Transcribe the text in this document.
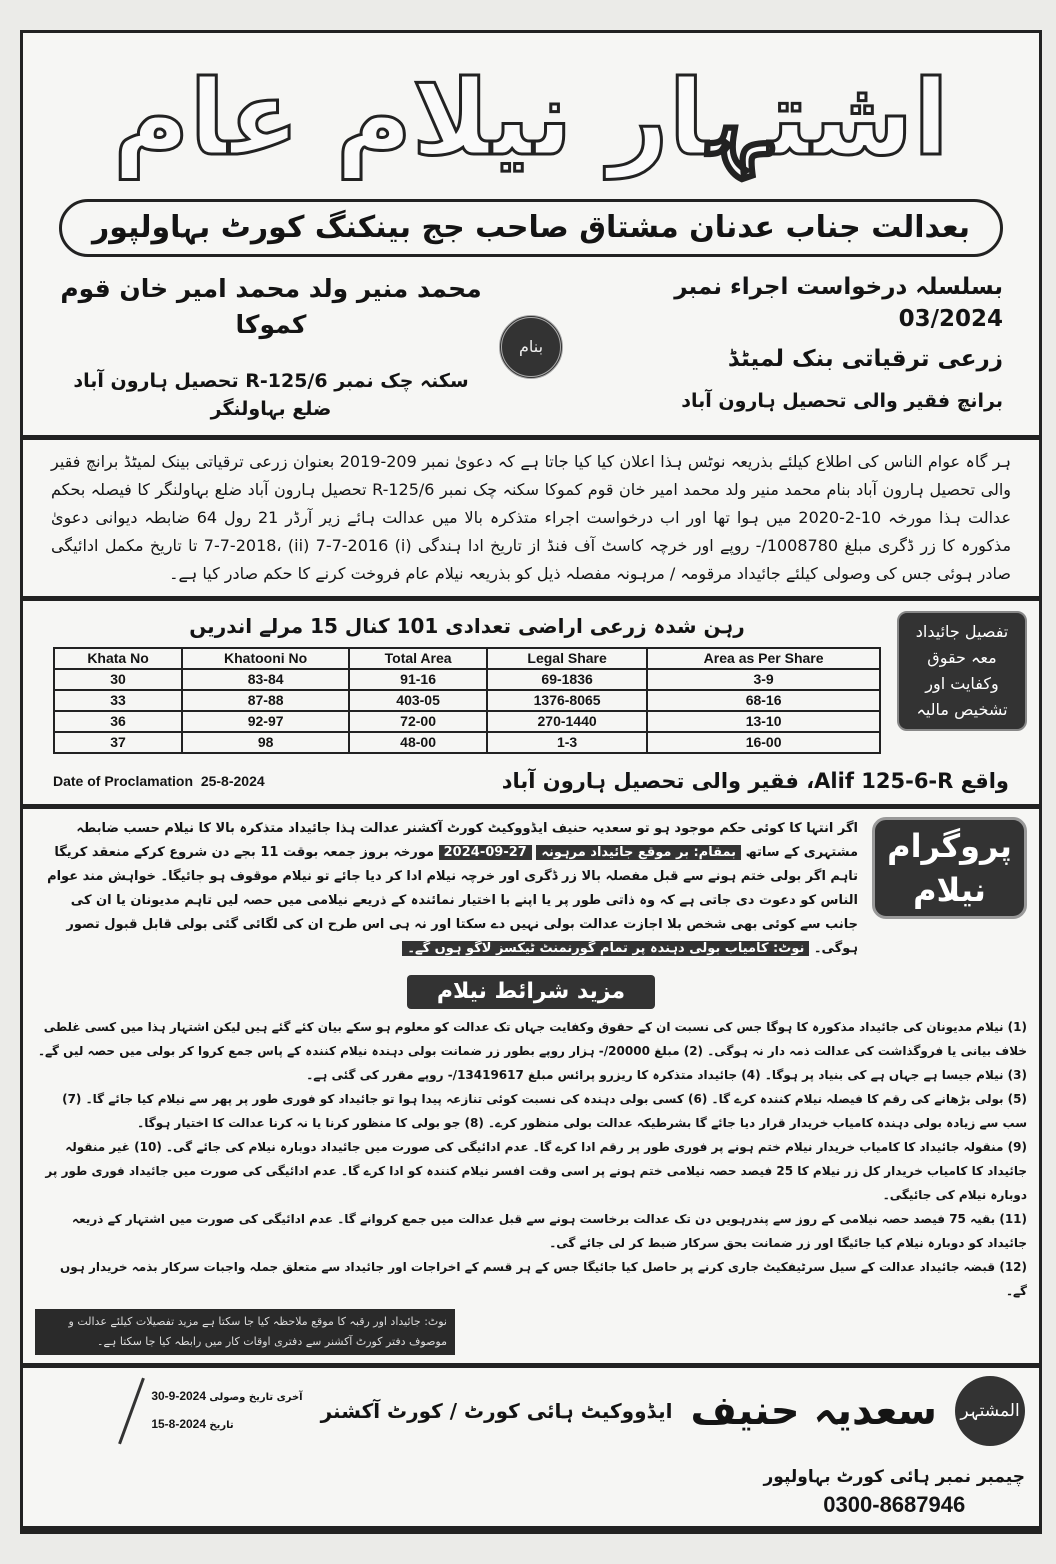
اشتہار نیلام عام
بعدالت جناب عدنان مشتاق صاحب جج بینکنگ کورٹ بہاولپور
بسلسلہ درخواست اجراء نمبر 03/2024
زرعی ترقیاتی بنک لمیٹڈ
برانچ فقیر والی تحصیل ہارون آباد
بنام
محمد منیر ولد محمد امیر خان قوم کموکا
سکنہ چک نمبر R-125/6 تحصیل ہارون آباد ضلع بہاولنگر
ہر گاہ عوام الناس کی اطلاع کیلئے بذریعہ نوٹس ہذا اعلان کیا کیا جاتا ہے کہ دعویٰ نمبر 209-2019 بعنوان زرعی ترقیاتی بینک لمیٹڈ برانچ فقیر والی تحصیل ہارون آباد بنام محمد منیر ولد محمد امیر خان قوم کموکا سکنہ چک نمبر R-125/6 تحصیل ہارون آباد ضلع بہاولنگر کا فیصلہ بحکم عدالت ہذا مورخہ 10-2-2020 میں ہوا تھا اور اب درخواست اجراء متذکرہ بالا میں عدالت ہائے زیر آرڈر 21 رول 64 ضابطہ دیوانی دعویٰ مذکورہ کا زر ڈگری مبلغ 1008780/- روپے اور خرچہ کاسٹ آف فنڈ از تاریخ ادا ہندگی (i) 7-7-2018، (ii) 7-7-2016 تا تاریخ مکمل ادائیگی صادر ہوئی جس کی وصولی کیلئے جائیداد مرقومہ / مرہونہ مفصلہ ذیل کو بذریعہ نیلام عام فروخت کرنے کا حکم صادر کیا ہے۔
تفصیل جائیداد معہ حقوق وکفایت اور تشخیص مالیہ
رہن شدہ زرعی اراضی تعدادی 101 کنال 15 مرلے اندریں
Khata No	Khatooni No	Total Area	Legal Share	Area as Per Share
30	83-84	91-16	69-1836	3-9
33	87-88	403-05	1376-8065	68-16
36	92-97	72-00	270-1440	13-10
37	98	48-00	1-3	16-00
واقع Alif 125-6-R، فقیر والی تحصیل ہارون آباد
Date of Proclamation 25-8-2024
پروگرام نیلام
اگر انتہا کا کوئی حکم موجود ہو تو سعدیہ حنیف ایڈووکیٹ کورٹ آکشنر عدالت ہذا جائیداد متذکرہ بالا کا نیلام حسب ضابطہ مشتہری کے ساتھ بمقام: بر موقع جائیداد مرہونہ 27-09-2024 مورخہ بروز جمعہ بوقت 11 بجے دن شروع کرکے منعقد کریگا تاہم اگر بولی ختم ہونے سے قبل مفصلہ بالا زر ڈگری اور خرچہ نیلام ادا کر دیا جائے تو نیلام موقوف ہو جائیگا۔ خواہش مند عوام الناس کو دعوت دی جاتی ہے کہ وہ ذاتی طور پر یا اپنے با اختیار نمائندہ کے ذریعے نیلامی میں حصہ لیں تاہم مدیونان یا ان کی جانب سے کوئی بھی شخص بلا اجازت عدالت بولی نہیں دے سکتا اور نہ ہی اس طرح ان کی لگائی گئی بولی قابل قبول تصور ہوگی۔ نوٹ: کامیاب بولی دہندہ پر تمام گورنمنٹ ٹیکسز لاگو ہوں گے۔
مزید شرائط نیلام
(1) نیلام مدیونان کی جائیداد مذکورہ کا ہوگا جس کی نسبت ان کے حقوق وکفایت جہاں تک عدالت کو معلوم ہو سکے بیان کئے گئے ہیں لیکن اشتہار ہذا میں کسی غلطی خلاف بیانی یا فروگذاشت کی عدالت ذمہ دار نہ ہوگی۔ (2) مبلغ 20000/- ہزار روپے بطور زر ضمانت بولی دہندہ نیلام کنندہ کے پاس جمع کروا کر بولی میں حصہ لیں گے۔ (3) نیلام جیسا ہے جہاں ہے کی بنیاد پر ہوگا۔ (4) جائیداد متذکرہ کا ریزرو پرائس مبلغ 13419617/- روپے مقرر کی گئی ہے۔
(5) بولی بڑھانے کی رقم کا فیصلہ نیلام کنندہ کرے گا۔ (6) کسی بولی دہندہ کی نسبت کوئی تنازعہ پیدا ہوا تو جائیداد کو فوری طور پر پھر سے نیلام کیا جائے گا۔ (7) سب سے زیادہ بولی دہندہ کامیاب خریدار قرار دیا جائے گا بشرطیکہ عدالت بولی منظور کرے۔ (8) جو بولی کا منظور کرنا یا نہ کرنا عدالت کا اختیار ہوگا۔
(9) منقولہ جائیداد کا کامیاب خریدار نیلام ختم ہونے پر فوری طور پر رقم ادا کرے گا۔ عدم ادائیگی کی صورت میں جائیداد دوبارہ نیلام کی جائے گی۔ (10) غیر منقولہ جائیداد کا کامیاب خریدار کل زر نیلام کا 25 فیصد حصہ نیلامی ختم ہونے پر اسی وقت افسر نیلام کنندہ کو ادا کرے گا۔ عدم ادائیگی کی صورت میں جائیداد فوری طور پر دوبارہ نیلام کی جائیگی۔
(11) بقیہ 75 فیصد حصہ نیلامی کے روز سے پندرہویں دن تک عدالت برخاست ہونے سے قبل عدالت میں جمع کروانے گا۔ عدم ادائیگی کی صورت میں اشتہار کے ذریعہ جائیداد کو دوبارہ نیلام کیا جائیگا اور زر ضمانت بحق سرکار ضبط کر لی جائے گی۔
(12) قبضہ جائیداد عدالت کے سیل سرٹیفکیٹ جاری کرنے پر حاصل کیا جائیگا جس کے ہر قسم کے اخراجات اور جائیداد سے متعلق جملہ واجبات سرکار بذمہ خریدار ہوں گے۔
نوٹ: جائیداد اور رقبہ کا موقع ملاحظہ کیا جا سکتا ہے مزید تفصیلات کیلئے عدالت و موصوف دفتر کورٹ آکشنر سے دفتری اوقات کار میں رابطہ کیا جا سکتا ہے۔
المشتہر
سعدیہ حنیف
ایڈووکیٹ ہائی کورٹ / کورٹ آکشنر
30-9-2024 آخری تاریخ وصولی
15-8-2024 تاریخ
چیمبر نمبر ہائی کورٹ بہاولپور
0300-8687946
